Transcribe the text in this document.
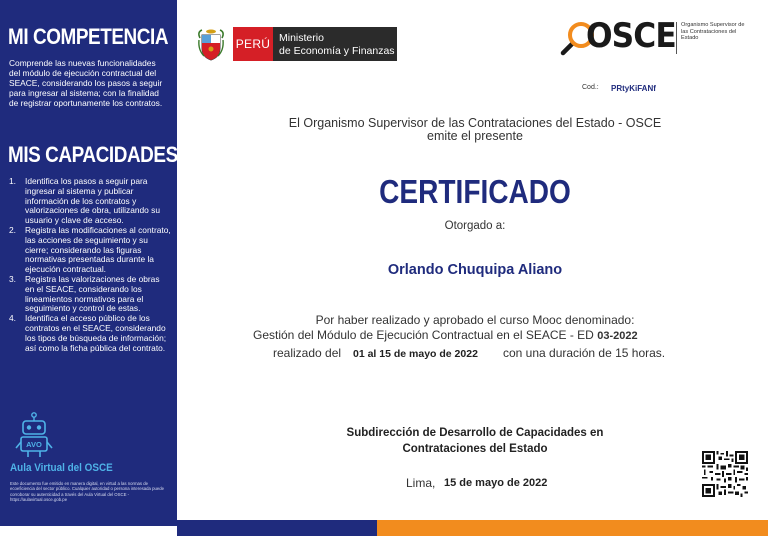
MI COMPETENCIA
Comprende las nuevas funcionalidades del módulo de ejecución contractual del SEACE, considerando los pasos a seguir para ingresar al sistema; con la finalidad de registrar oportunamente los contratos.
MIS CAPACIDADES
1. Identifica los pasos a seguir para ingresar al sistema y publicar información de los contratos y valorizaciones de obra, utilizando su usuario y clave de acceso.
2. Registra las modificaciones al contrato, las acciones de seguimiento y su cierre; considerando las figuras normativas presentadas durante la ejecución contractual.
3. Registra las valorizaciones de obras en el SEACE, considerando los lineamientos normativos para el seguimiento y control de estas.
4. Identifica el acceso público de los contratos en el SEACE, considerando los tipos de búsqueda de información; así como la ficha pública del contrato.
AVO
Aula Virtual del OSCE
Este documento fue emitido en manera digital, en virtud a las normas de ecoeficiencia del sector público. Cualquier autoridad o persona interesada puede corroborar su autenticidad a través del Aula Virtual del OSCE - https://aulavirtual.osce.gob.pe
PERÚ Ministerio
de Economía y Finanzas	OSCE Organismo Supervisor de las Contrataciones del Estado
Cod.: PRtyKiFANf
El Organismo Supervisor de las Contrataciones del Estado - OSCE
emite el presente
CERTIFICADO
Otorgado a:
Orlando Chuquipa Aliano
Por haber realizado y aprobado el curso Mooc denominado:
Gestión del Módulo de Ejecución Contractual en el SEACE - ED 03-2022
realizado del 01 al 15 de mayo de 2022 con una duración de 15 horas.
Subdirección de Desarrollo de Capacidades en
Contrataciones del Estado
Lima, 15 de mayo de 2022
